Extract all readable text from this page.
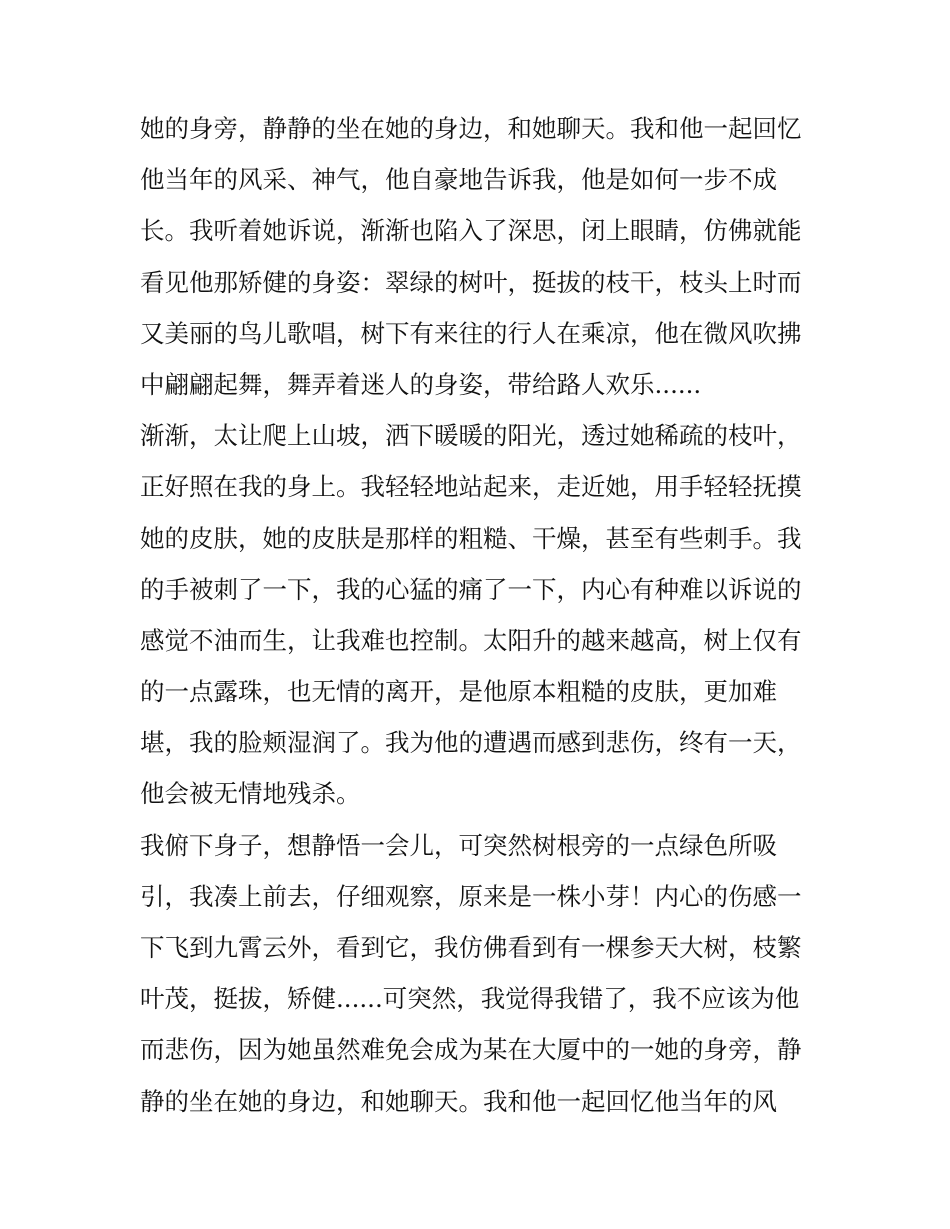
她的身旁，静静的坐在她的身边，和她聊天。我和他一起回忆
他当年的风采、神气，他自豪地告诉我，他是如何一步不成
长。我听着她诉说，渐渐也陷入了深思，闭上眼睛，仿佛就能
看见他那矫健的身姿：翠绿的树叶，挺拔的枝干，枝头上时而
又美丽的鸟儿歌唱，树下有来往的行人在乘凉，他在微风吹拂
中翩翩起舞，舞弄着迷人的身姿，带给路人欢乐......
渐渐，太让爬上山坡，洒下暖暖的阳光，透过她稀疏的枝叶，
正好照在我的身上。我轻轻地站起来，走近她，用手轻轻抚摸
她的皮肤，她的皮肤是那样的粗糙、干燥，甚至有些刺手。我
的手被刺了一下，我的心猛的痛了一下，内心有种难以诉说的
感觉不油而生，让我难也控制。太阳升的越来越高，树上仅有
的一点露珠，也无情的离开，是他原本粗糙的皮肤，更加难
堪，我的脸颊湿润了。我为他的遭遇而感到悲伤，终有一天，
他会被无情地残杀。
我俯下身子，想静悟一会儿，可突然树根旁的一点绿色所吸
引，我凑上前去，仔细观察，原来是一株小芽！内心的伤感一
下飞到九霄云外，看到它，我仿佛看到有一棵参天大树，枝繁
叶茂，挺拔，矫健......可突然，我觉得我错了，我不应该为他
而悲伤，因为她虽然难免会成为某在大厦中的一她的身旁，静
静的坐在她的身边，和她聊天。我和他一起回忆他当年的风
